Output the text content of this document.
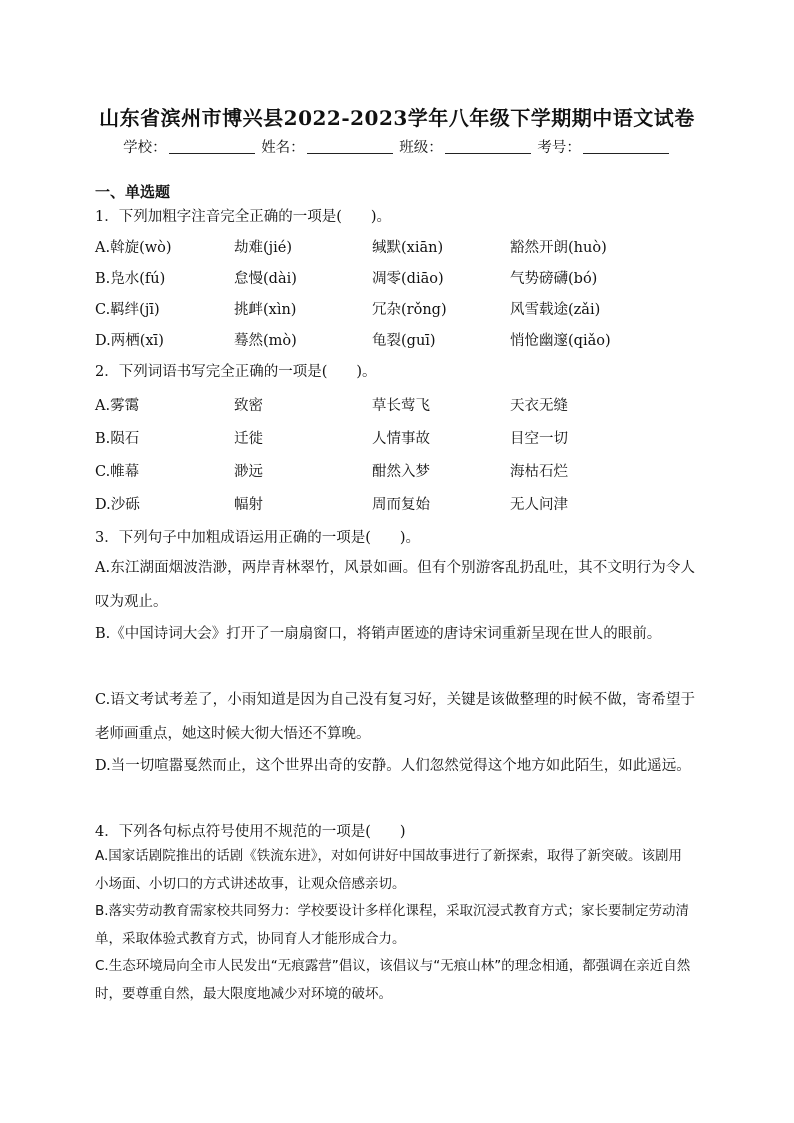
山东省滨州市博兴县2022-2023学年八年级下学期期中语文试卷
学校：	姓名：	班级：	考号：
一、单选题
1．下列加粗字注音完全正确的一项是(　　)。
A.斡旋(wò)	劫难(jié)	缄默(xiān)	豁然开朗(huò)
B.凫水(fú)	怠慢(dài)	凋零(diāo)	气势磅礴(bó)
C.羁绊(jī)	挑衅(xìn)	冗杂(rǒng)	风雪载途(zǎi)
D.两栖(xī)	蓦然(mò)	龟裂(guī)	悄怆幽邃(qiǎo)
2．下列词语书写完全正确的一项是(　　)。
A.雾霭	致密	草长莺飞	天衣无缝
B.陨石	迁徙	人情事故	目空一切
C.帷幕	渺远	酣然入梦	海枯石烂
D.沙砾	幅射	周而复始	无人问津
3．下列句子中加粗成语运用正确的一项是(　　)。
A.东江湖面烟波浩渺，两岸青林翠竹，风景如画。但有个别游客乱扔乱吐，其不文明行为令人叹为观止。
B.《中国诗词大会》打开了一扇扇窗口，将销声匿迹的唐诗宋词重新呈现在世人的眼前。
C.语文考试考差了，小雨知道是因为自己没有复习好，关键是该做整理的时候不做，寄希望于老师画重点，她这时候大彻大悟还不算晚。
D.当一切喧嚣戛然而止，这个世界出奇的安静。人们忽然觉得这个地方如此陌生，如此遥远。
4．下列各句标点符号使用不规范的一项是(　　)
A.国家话剧院推出的话剧《铁流东进》，对如何讲好中国故事进行了新探索，取得了新突破。该剧用小场面、小切口的方式讲述故事，让观众倍感亲切。
B.落实劳动教育需家校共同努力：学校要设计多样化课程，采取沉浸式教育方式；家长要制定劳动清单，采取体验式教育方式，协同育人才能形成合力。
C.生态环境局向全市人民发出“无痕露营”倡议，该倡议与“无痕山林”的理念相通，都强调在亲近自然时，要尊重自然，最大限度地减少对环境的破坏。
